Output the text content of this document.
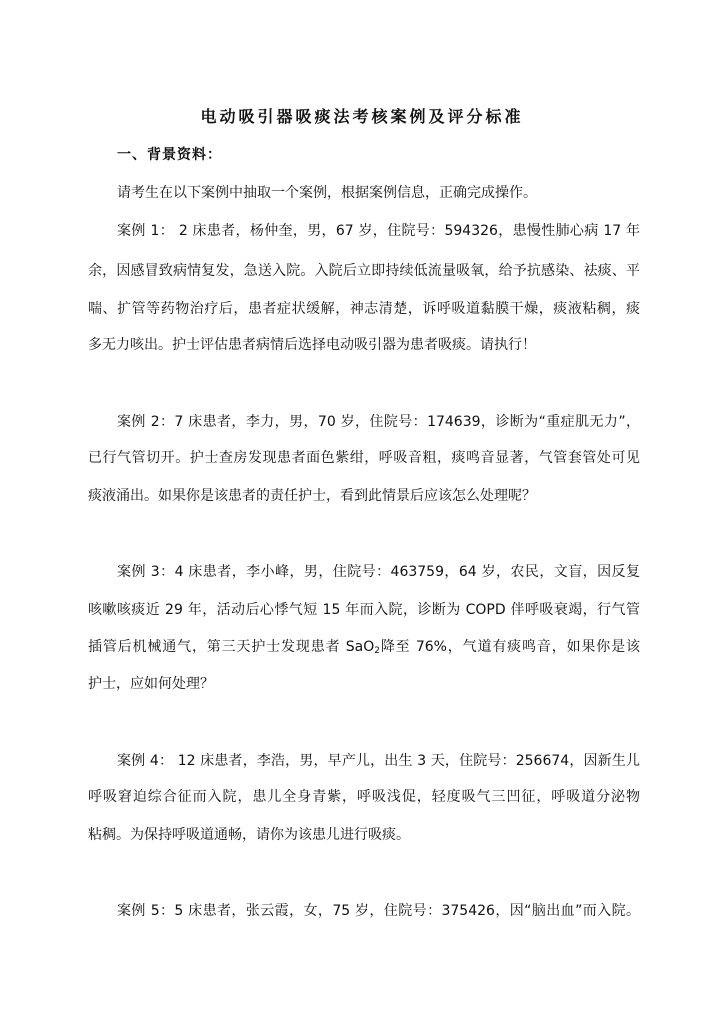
电动吸引器吸痰法考核案例及评分标准
一、背景资料：
请考生在以下案例中抽取一个案例，根据案例信息，正确完成操作。
案例 1： 2 床患者，杨仲奎，男，67 岁，住院号：594326，患慢性肺心病 17 年
余，因感冒致病情复发，急送入院。入院后立即持续低流量吸氧，给予抗感染、祛痰、平
喘、扩管等药物治疗后，患者症状缓解，神志清楚，诉呼吸道黏膜干燥，痰液粘稠，痰
多无力咳出。护士评估患者病情后选择电动吸引器为患者吸痰。请执行！
案例 2：7 床患者，李力，男，70 岁，住院号：174639，诊断为“重症肌无力”，
已行气管切开。护士查房发现患者面色紫绀，呼吸音粗，痰鸣音显著，气管套管处可见
痰液涌出。如果你是该患者的责任护士，看到此情景后应该怎么处理呢？
案例 3：4 床患者，李小峰，男，住院号：463759，64 岁，农民，文盲，因反复
咳嗽咳痰近 29 年，活动后心悸气短 15 年而入院，诊断为 COPD 伴呼吸衰竭，行气管
插管后机械通气，第三天护士发现患者 SaO$_2$降至 76%，气道有痰鸣音，如果你是该
护士，应如何处理？
案例 4： 12 床患者，李浩，男，早产儿，出生 3 天，住院号：256674，因新生儿
呼吸窘迫综合征而入院，患儿全身青紫，呼吸浅促，轻度吸气三凹征，呼吸道分泌物
粘稠。为保持呼吸道通畅，请你为该患儿进行吸痰。
案例 5：5 床患者，张云霞，女，75 岁，住院号：375426，因“脑出血”而入院。
